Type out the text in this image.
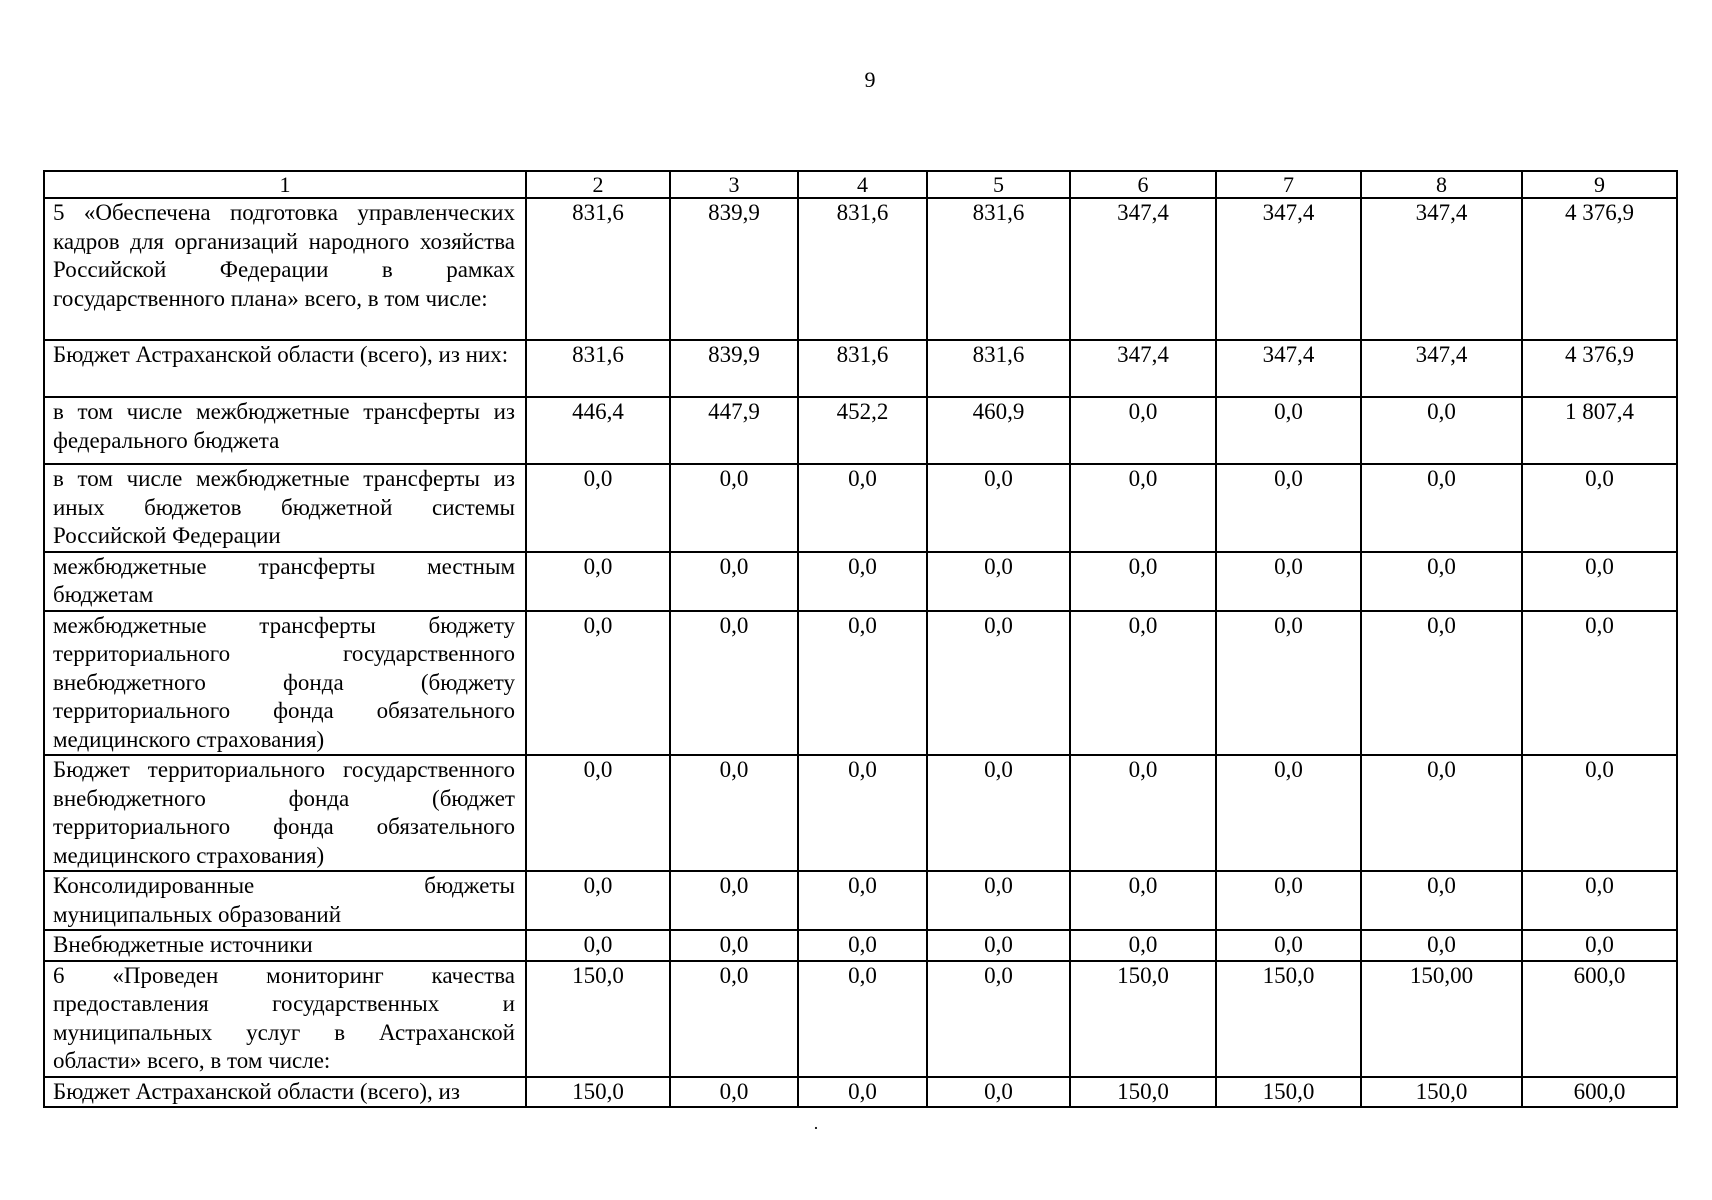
9
1	2	3	4	5	6	7	8	9
5 «Обеспечена подготовка управленческих кадров для организаций народного хозяйства Российской Федерации в рамках государственного плана» всего, в том числе:	831,6	839,9	831,6	831,6	347,4	347,4	347,4	4 376,9
Бюджет Астраханской области (всего), из них:	831,6	839,9	831,6	831,6	347,4	347,4	347,4	4 376,9
в том числе межбюджетные трансферты из федерального бюджета	446,4	447,9	452,2	460,9	0,0	0,0	0,0	1 807,4
в том числе межбюджетные трансферты из иных бюджетов бюджетной системы Российской Федерации	0,0	0,0	0,0	0,0	0,0	0,0	0,0	0,0
межбюджетные трансферты местным бюджетам	0,0	0,0	0,0	0,0	0,0	0,0	0,0	0,0
межбюджетные трансферты бюджету территориального государственного внебюджетного фонда (бюджету территориального фонда обязательного медицинского страхования)	0,0	0,0	0,0	0,0	0,0	0,0	0,0	0,0
Бюджет территориального государственного внебюджетного фонда (бюджет территориального фонда обязательного медицинского страхования)	0,0	0,0	0,0	0,0	0,0	0,0	0,0	0,0
Консолидированные бюджеты муниципальных образований	0,0	0,0	0,0	0,0	0,0	0,0	0,0	0,0
Внебюджетные источники	0,0	0,0	0,0	0,0	0,0	0,0	0,0	0,0
6 «Проведен мониторинг качества предоставления государственных и муниципальных услуг в Астраханской области» всего, в том числе:	150,0	0,0	0,0	0,0	150,0	150,0	150,00	600,0
Бюджет Астраханской области (всего), из	150,0	0,0	0,0	0,0	150,0	150,0	150,0	600,0
·
